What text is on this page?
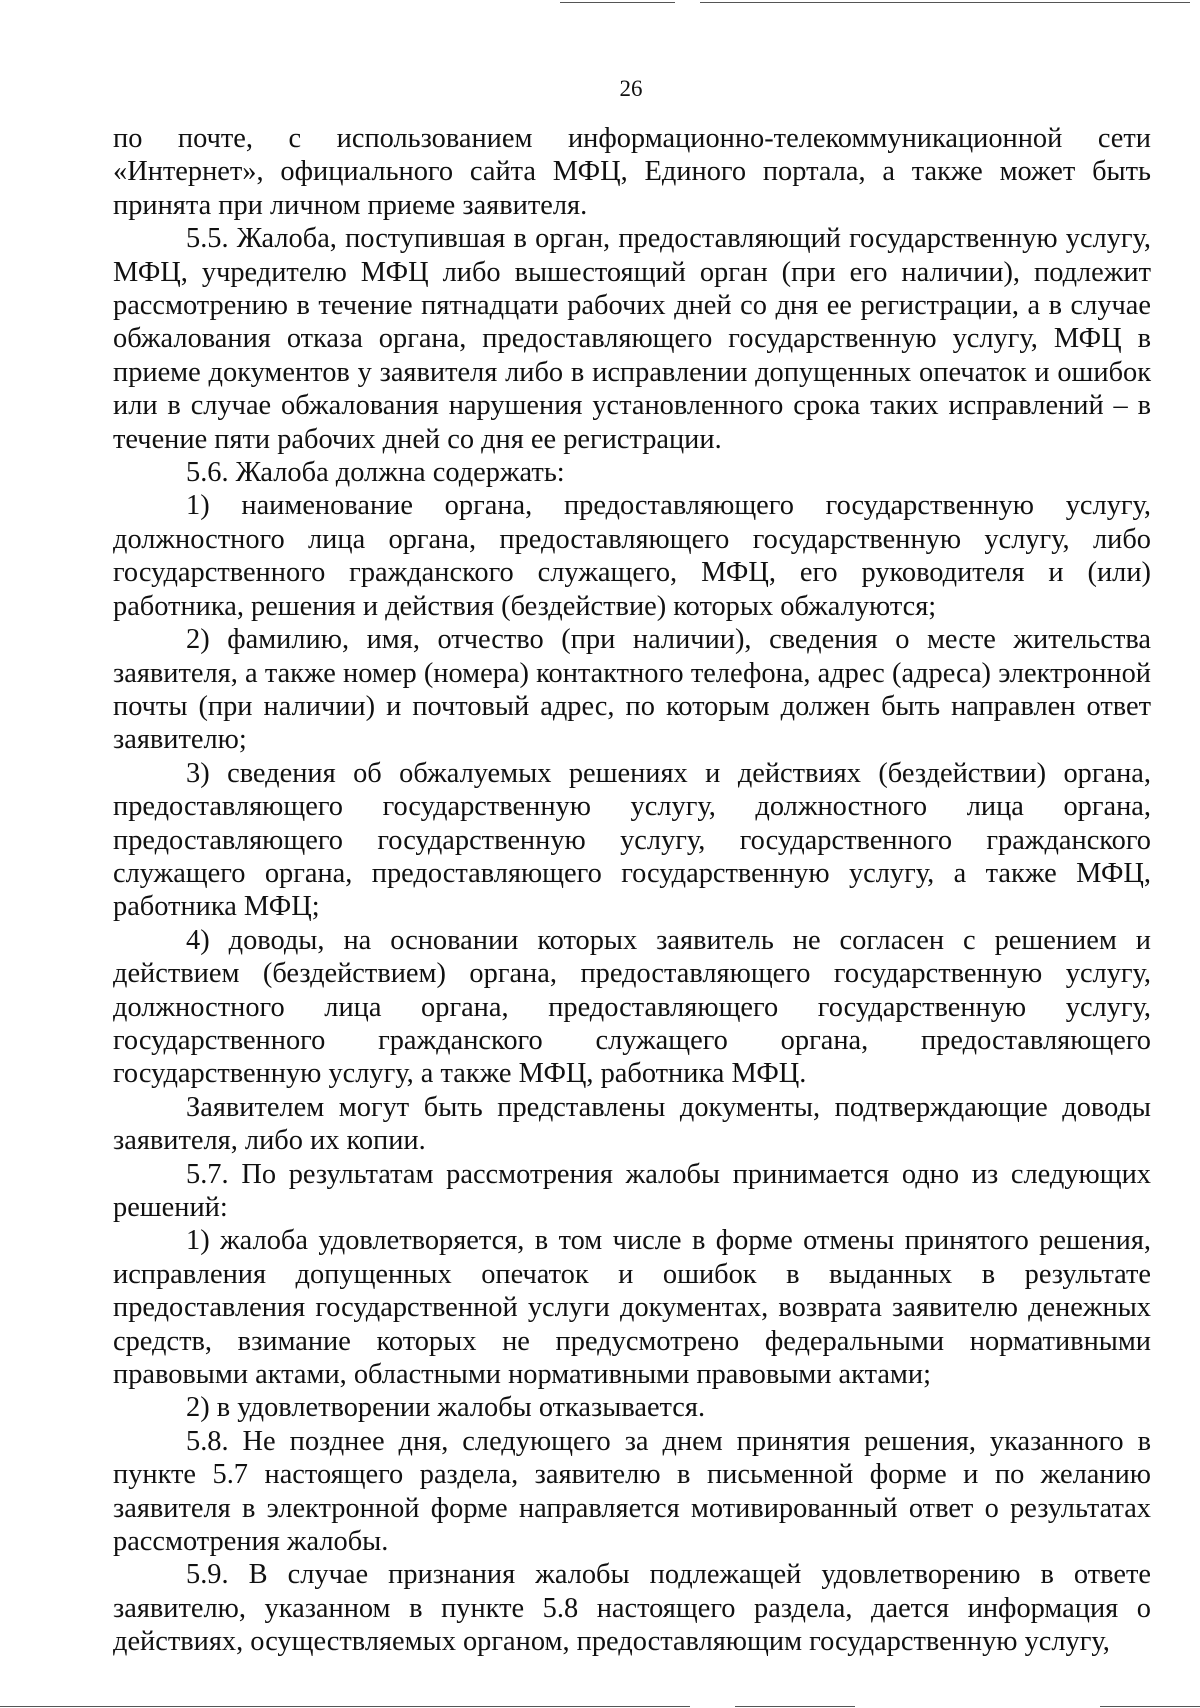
26

по почте, с использованием информационно-телекоммуникационной сети «Интернет», официального сайта МФЦ, Единого портала, а также может быть принята при личном приеме заявителя.

5.5. Жалоба, поступившая в орган, предоставляющий государственную услугу, МФЦ, учредителю МФЦ либо вышестоящий орган (при его наличии), подлежит рассмотрению в течение пятнадцати рабочих дней со дня ее регистрации, а в случае обжалования отказа органа, предоставляющего государственную услугу, МФЦ в приеме документов у заявителя либо в исправлении допущенных опечаток и ошибок или в случае обжалования нарушения установленного срока таких исправлений – в течение пяти рабочих дней со дня ее регистрации.

5.6. Жалоба должна содержать:

1) наименование органа, предоставляющего государственную услугу, должностного лица органа, предоставляющего государственную услугу, либо государственного гражданского служащего, МФЦ, его руководителя и (или) работника, решения и действия (бездействие) которых обжалуются;

2) фамилию, имя, отчество (при наличии), сведения о месте жительства заявителя, а также номер (номера) контактного телефона, адрес (адреса) электронной почты (при наличии) и почтовый адрес, по которым должен быть направлен ответ заявителю;

3) сведения об обжалуемых решениях и действиях (бездействии) органа, предоставляющего государственную услугу, должностного лица органа, предоставляющего государственную услугу, государственного гражданского служащего органа, предоставляющего государственную услугу, а также МФЦ, работника МФЦ;

4) доводы, на основании которых заявитель не согласен с решением и действием (бездействием) органа, предоставляющего государственную услугу, должностного лица органа, предоставляющего государственную услугу, государственного гражданского служащего органа, предоставляющего государственную услугу, а также МФЦ, работника МФЦ.

Заявителем могут быть представлены документы, подтверждающие доводы заявителя, либо их копии.

5.7. По результатам рассмотрения жалобы принимается одно из следующих решений:

1) жалоба удовлетворяется, в том числе в форме отмены принятого решения, исправления допущенных опечаток и ошибок в выданных в результате предоставления государственной услуги документах, возврата заявителю денежных средств, взимание которых не предусмотрено федеральными нормативными правовыми актами, областными нормативными правовыми актами;

2) в удовлетворении жалобы отказывается.

5.8. Не позднее дня, следующего за днем принятия решения, указанного в пункте 5.7 настоящего раздела, заявителю в письменной форме и по желанию заявителя в электронной форме направляется мотивированный ответ о результатах рассмотрения жалобы.

5.9. В случае признания жалобы подлежащей удовлетворению в ответе заявителю, указанном в пункте 5.8 настоящего раздела, дается информация о действиях, осуществляемых органом, предоставляющим государственную услугу,
